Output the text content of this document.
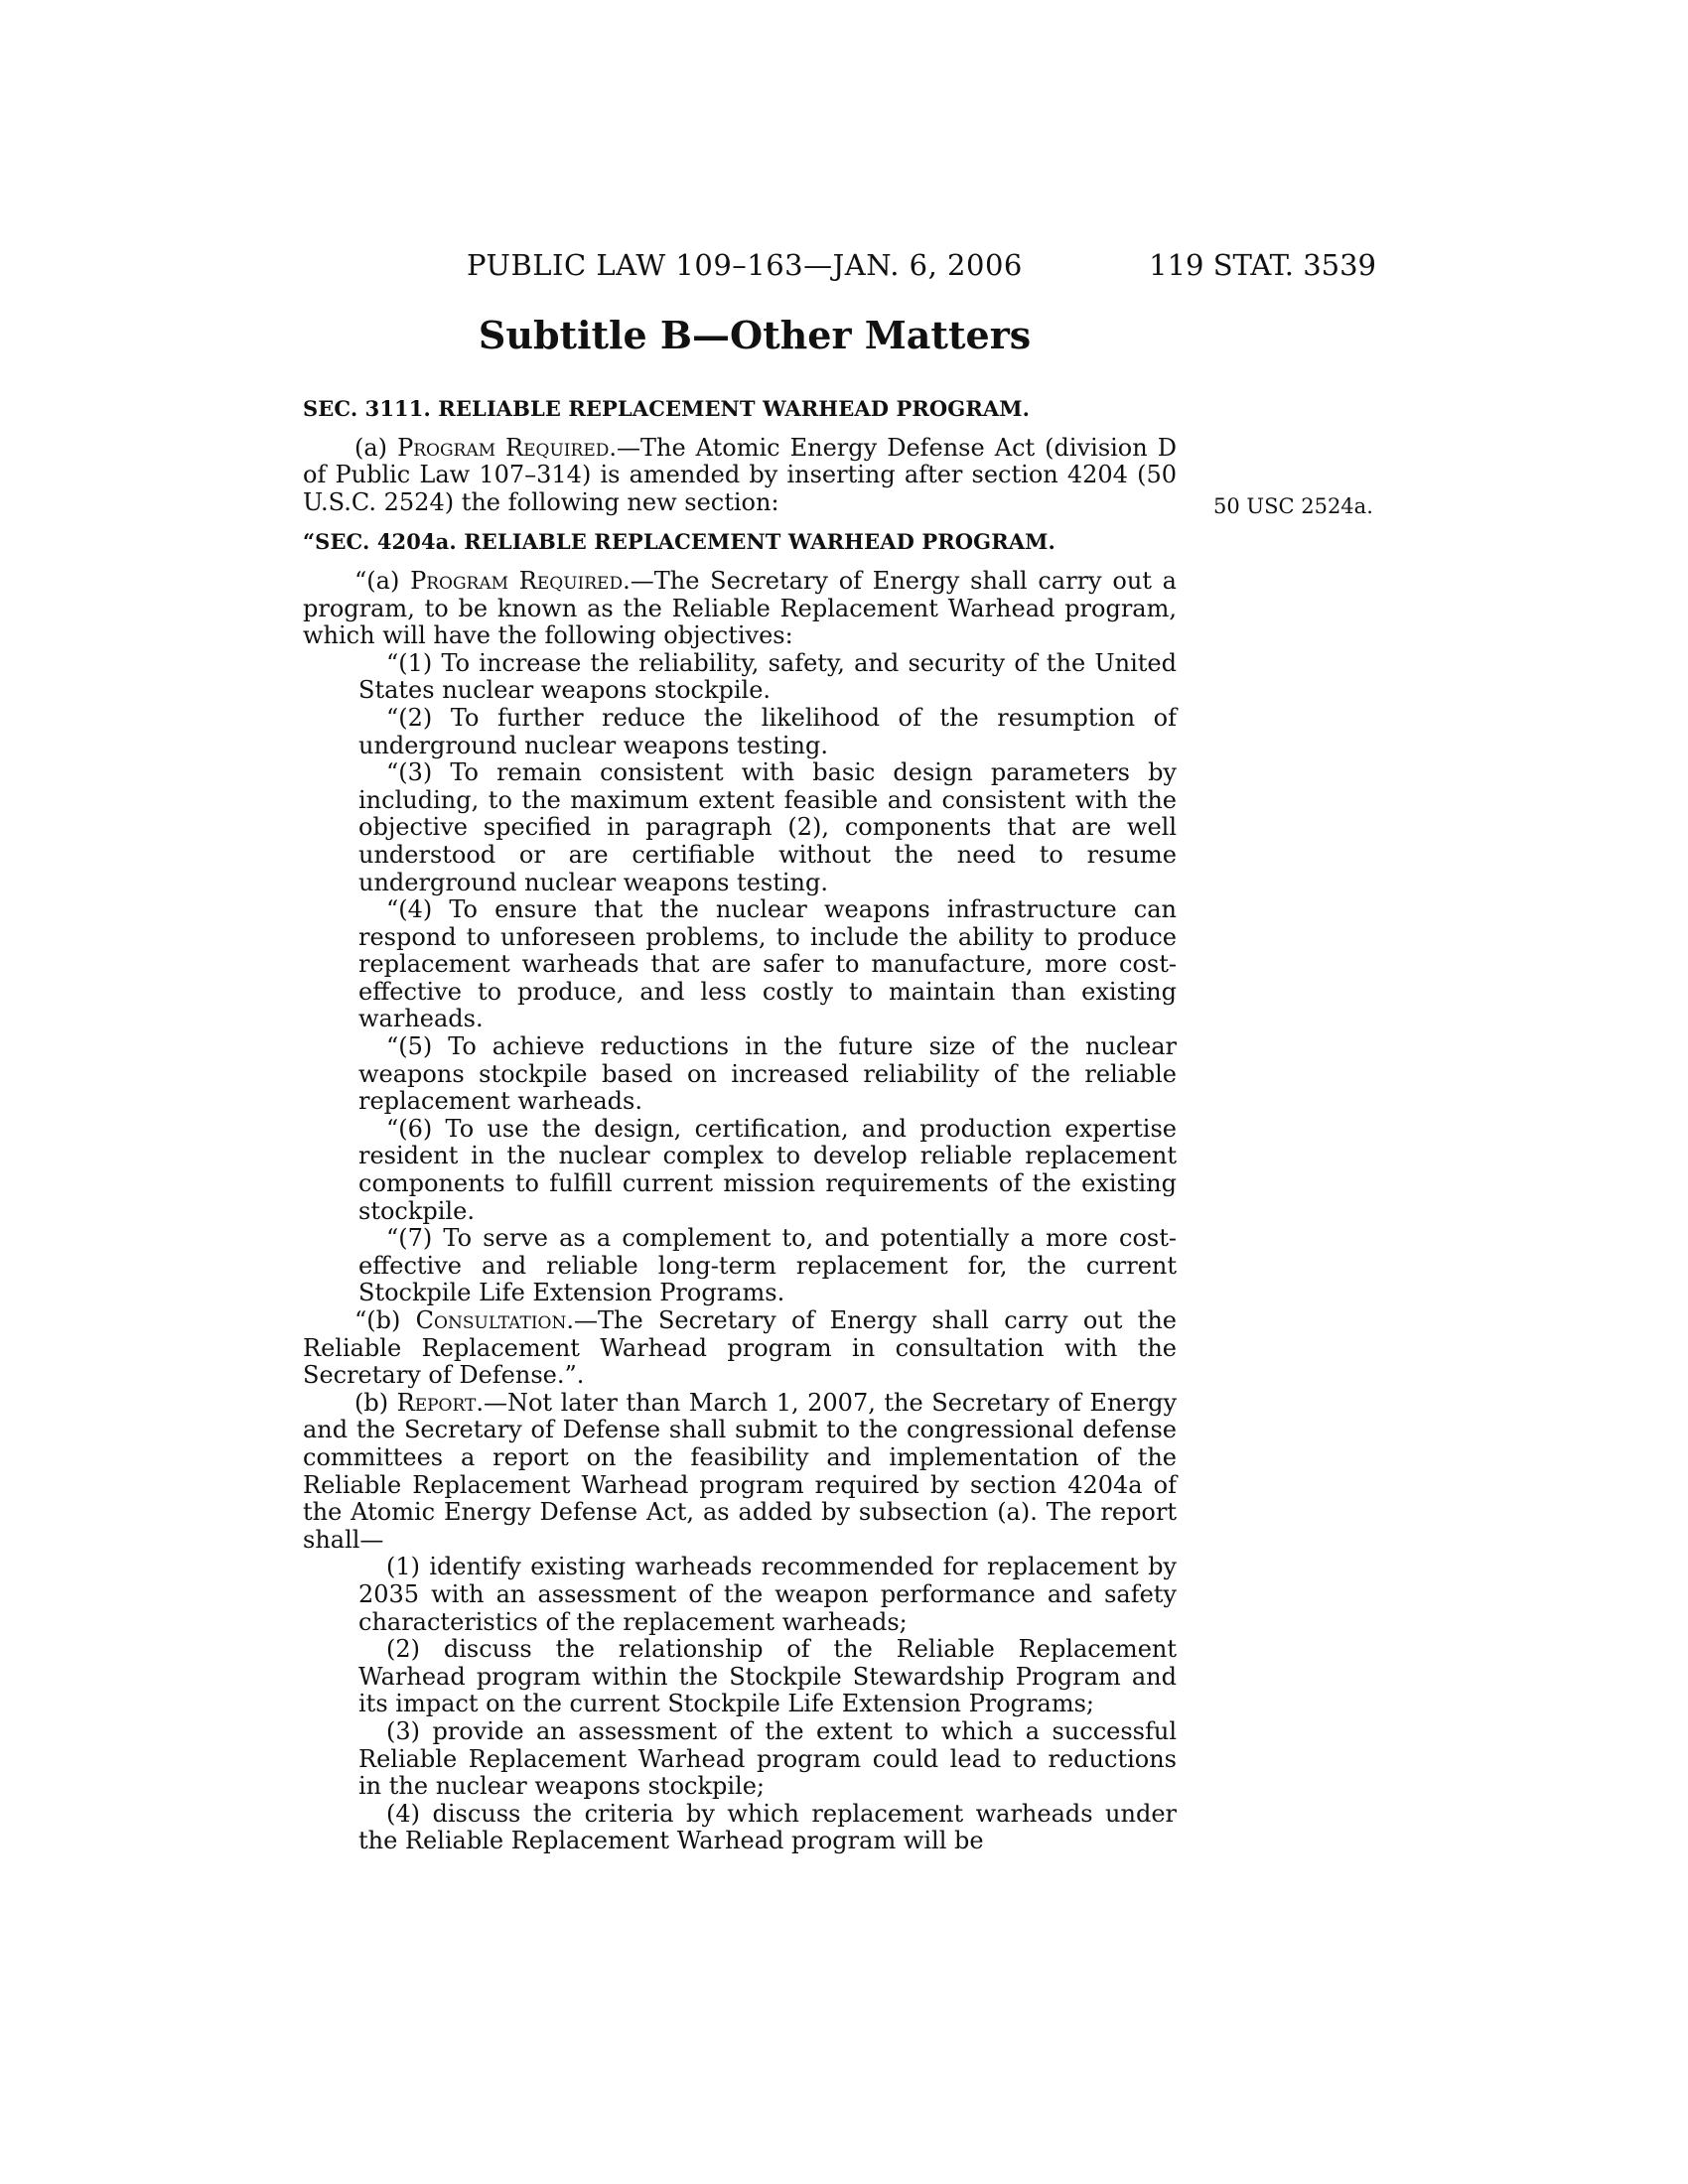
PUBLIC LAW 109–163—JAN. 6, 2006	119 STAT. 3539
Subtitle B—Other Matters
SEC. 3111. RELIABLE REPLACEMENT WARHEAD PROGRAM.

(a) Program Required.—The Atomic Energy Defense Act (division D of Public Law 107–314) is amended by inserting after section 4204 (50 U.S.C. 2524) the following new section:

“SEC. 4204a. RELIABLE REPLACEMENT WARHEAD PROGRAM.

“(a) Program Required.—The Secretary of Energy shall carry out a program, to be known as the Reliable Replacement Warhead program, which will have the following objectives:

“(1) To increase the reliability, safety, and security of the United States nuclear weapons stockpile.

“(2) To further reduce the likelihood of the resumption of underground nuclear weapons testing.

“(3) To remain consistent with basic design parameters by including, to the maximum extent feasible and consistent with the objective specified in paragraph (2), components that are well understood or are certifiable without the need to resume underground nuclear weapons testing.

“(4) To ensure that the nuclear weapons infrastructure can respond to unforeseen problems, to include the ability to produce replacement warheads that are safer to manufacture, more cost-effective to produce, and less costly to maintain than existing warheads.

“(5) To achieve reductions in the future size of the nuclear weapons stockpile based on increased reliability of the reliable replacement warheads.

“(6) To use the design, certification, and production expertise resident in the nuclear complex to develop reliable replacement components to fulfill current mission requirements of the existing stockpile.

“(7) To serve as a complement to, and potentially a more cost-effective and reliable long-term replacement for, the current Stockpile Life Extension Programs.

“(b) Consultation.—The Secretary of Energy shall carry out the Reliable Replacement Warhead program in consultation with the Secretary of Defense.”.

(b) Report.—Not later than March 1, 2007, the Secretary of Energy and the Secretary of Defense shall submit to the congressional defense committees a report on the feasibility and implementation of the Reliable Replacement Warhead program required by section 4204a of the Atomic Energy Defense Act, as added by subsection (a). The report shall—

(1) identify existing warheads recommended for replacement by 2035 with an assessment of the weapon performance and safety characteristics of the replacement warheads;

(2) discuss the relationship of the Reliable Replacement Warhead program within the Stockpile Stewardship Program and its impact on the current Stockpile Life Extension Programs;

(3) provide an assessment of the extent to which a successful Reliable Replacement Warhead program could lead to reductions in the nuclear weapons stockpile;

(4) discuss the criteria by which replacement warheads under the Reliable Replacement Warhead program will be

50 USC 2524a.
